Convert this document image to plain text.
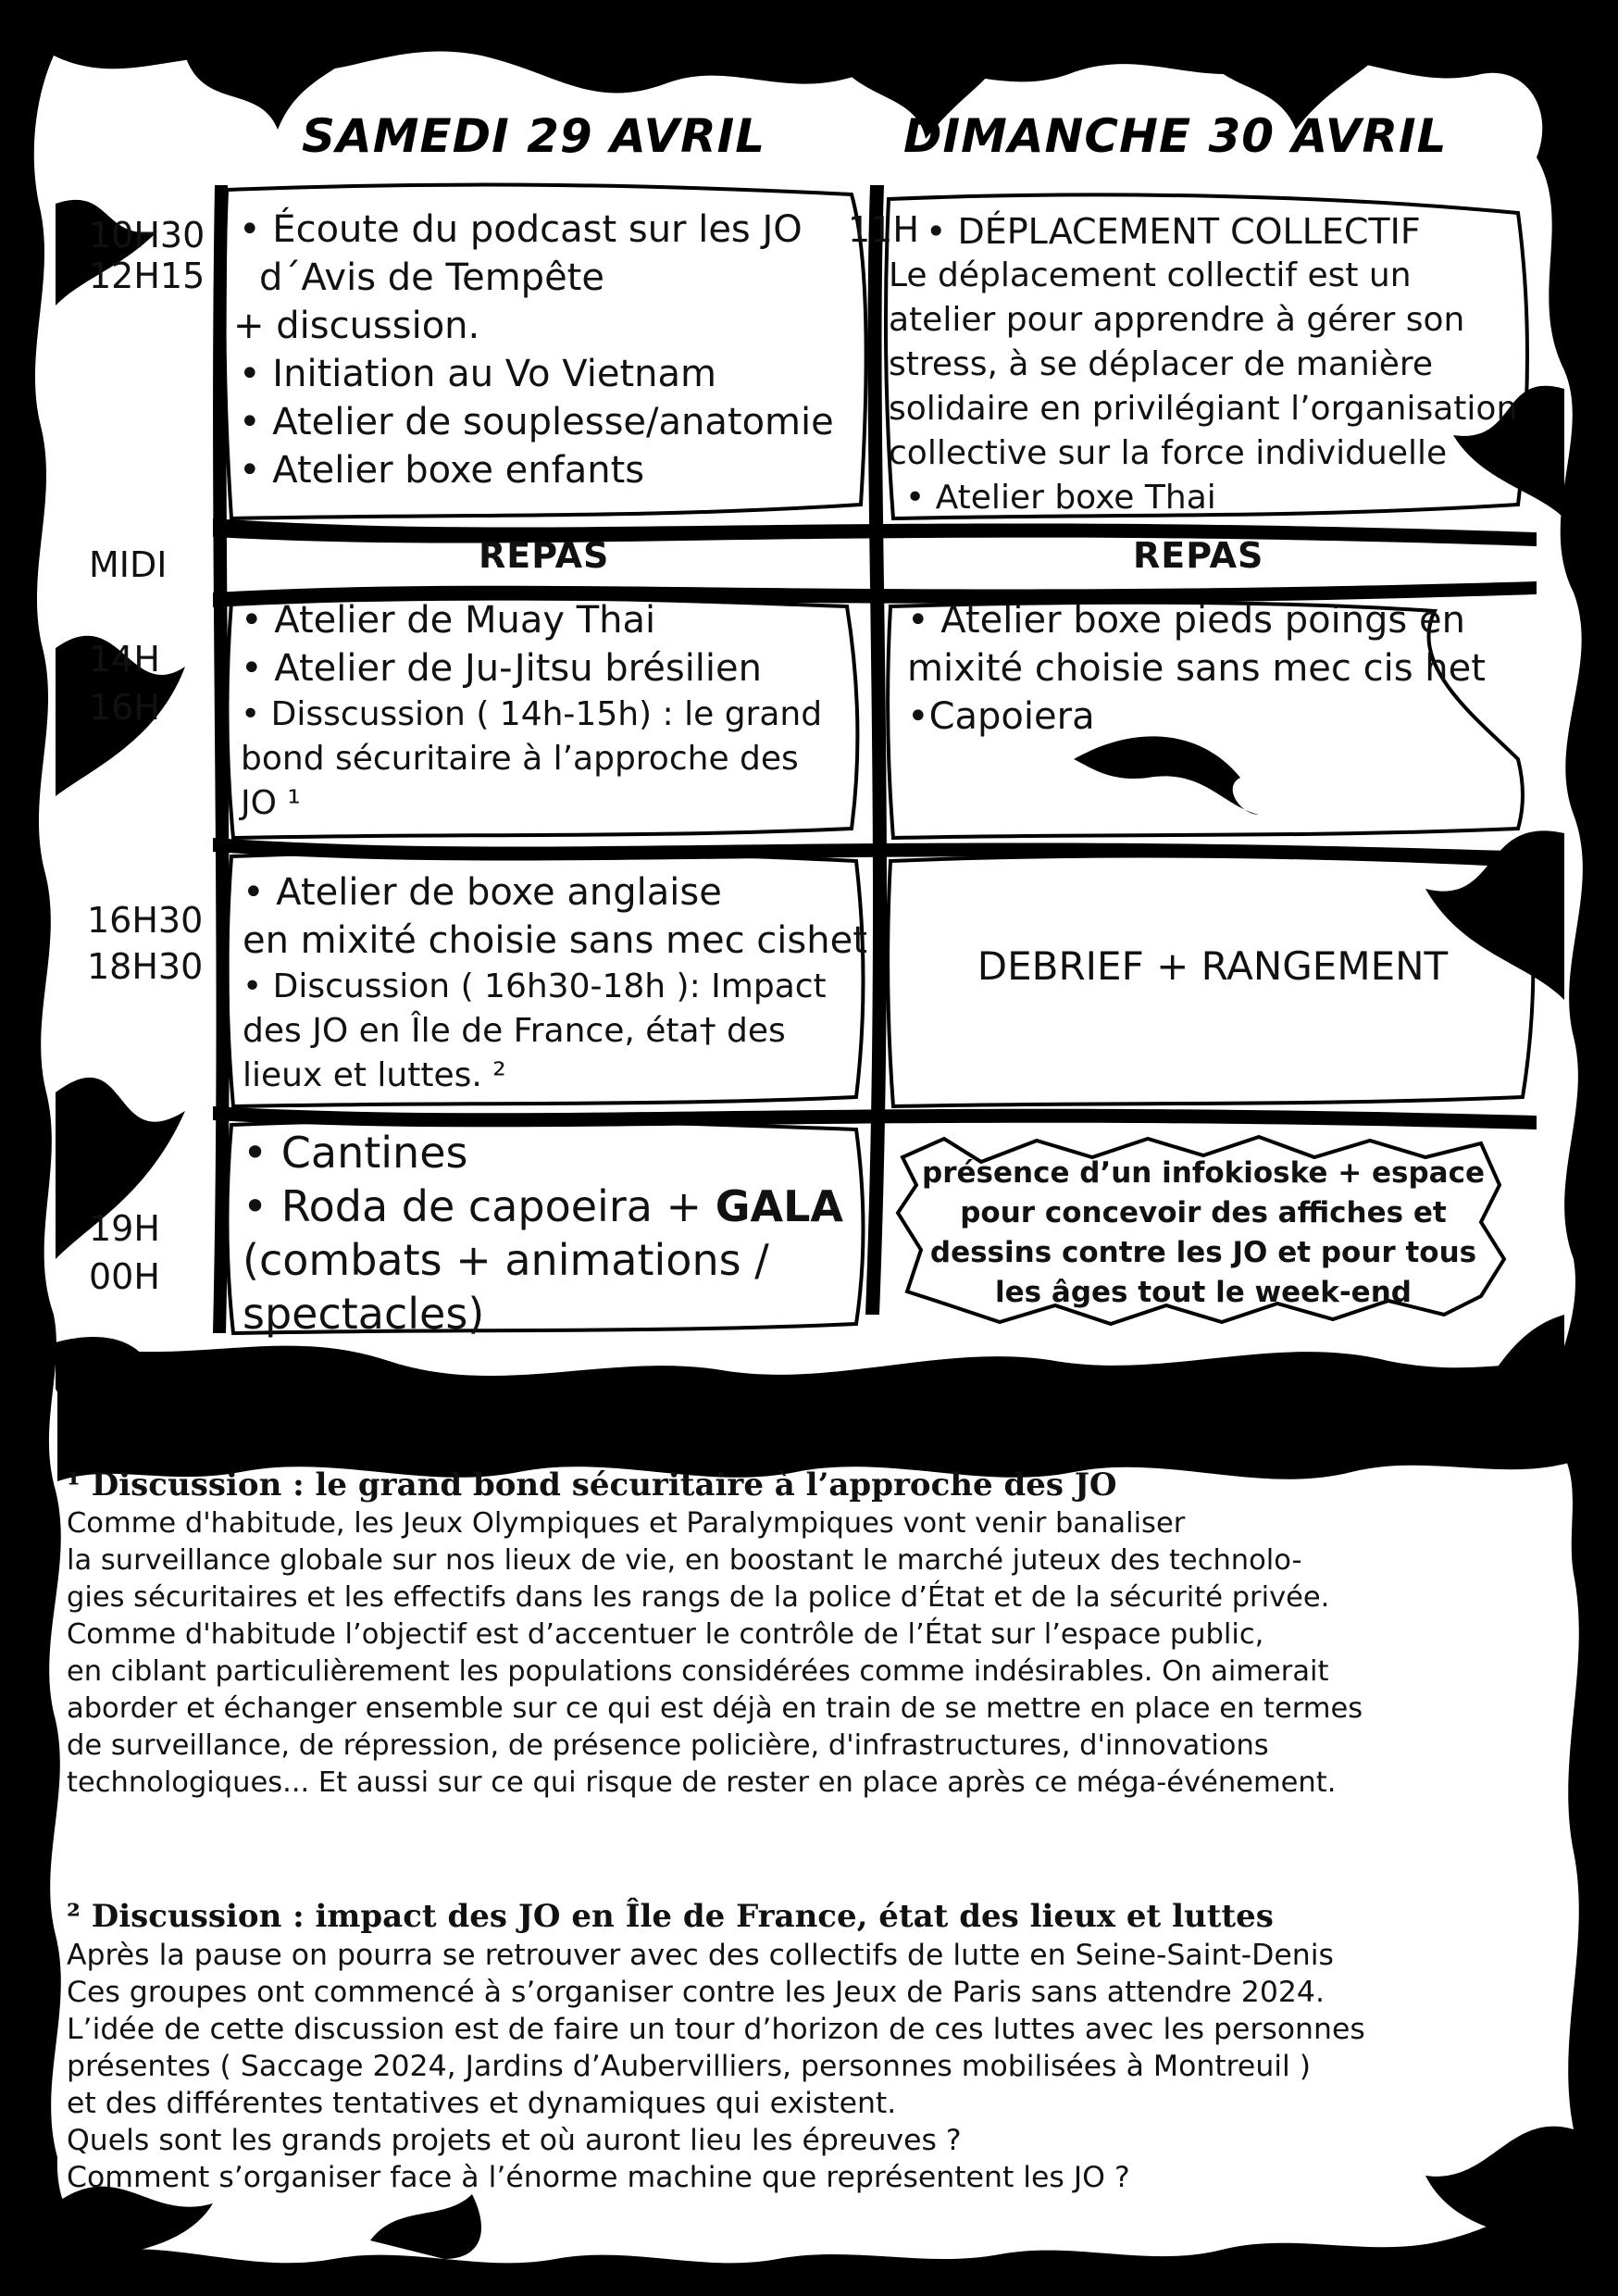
SAMEDI 29 AVRIL	DIMANCHE 30 AVRIL
10H30
12H15
11H
MIDI
14H
16H
16H30
18H30
19H
00H
• Écoute du podcast sur les JO
d´Avis de Tempête
+ discussion.
• Initiation au Vo Vietnam
• Atelier de souplesse/anatomie
• Atelier boxe enfants
• DÉPLACEMENT COLLECTIF
Le déplacement collectif est un
atelier pour apprendre à gérer son
stress, à se déplacer de manière
solidaire en privilégiant l’organisation
collective sur la force individuelle
• Atelier boxe Thai
REPAS	REPAS
• Atelier de Muay Thai
• Atelier de Ju-Jitsu brésilien
• Disscussion ( 14h-15h) : le grand
bond sécuritaire à l’approche des
JO ¹
• Atelier boxe pieds poings en
mixité choisie sans mec cis het
•Capoiera
• Atelier de boxe anglaise
en mixité choisie sans mec cishet
• Discussion ( 16h30-18h ): Impact
des JO en Île de France, éta† des
lieux et luttes. ²
DEBRIEF + RANGEMENT
• Cantines
• Roda de capoeira + GALA
(combats + animations /
spectacles)
présence d’un infokioske + espace
pour concevoir des affiches et
dessins contre les JO et pour tous
les âges tout le week-end
¹ Discussion : le grand bond sécuritaire à l’approche des JO
Comme d'habitude, les Jeux Olympiques et Paralympiques vont venir banaliser
la surveillance globale sur nos lieux de vie, en boostant le marché juteux des technolo-
gies sécuritaires et les effectifs dans les rangs de la police d’État et de la sécurité privée.
Comme d'habitude l’objectif est d’accentuer le contrôle de l’État sur l’espace public,
en ciblant particulièrement les populations considérées comme indésirables. On aimerait
aborder et échanger ensemble sur ce qui est déjà en train de se mettre en place en termes
de surveillance, de répression, de présence policière, d'infrastructures, d'innovations
technologiques... Et aussi sur ce qui risque de rester en place après ce méga-événement.
² Discussion : impact des JO en Île de France, état des lieux et luttes
Après la pause on pourra se retrouver avec des collectifs de lutte en Seine-Saint-Denis
Ces groupes ont commencé à s’organiser contre les Jeux de Paris sans attendre 2024.
L’idée de cette discussion est de faire un tour d’horizon de ces luttes avec les personnes
présentes ( Saccage 2024, Jardins d’Aubervilliers, personnes mobilisées à Montreuil )
et des différentes tentatives et dynamiques qui existent.
Quels sont les grands projets et où auront lieu les épreuves ?
Comment s’organiser face à l’énorme machine que représentent les JO ?
